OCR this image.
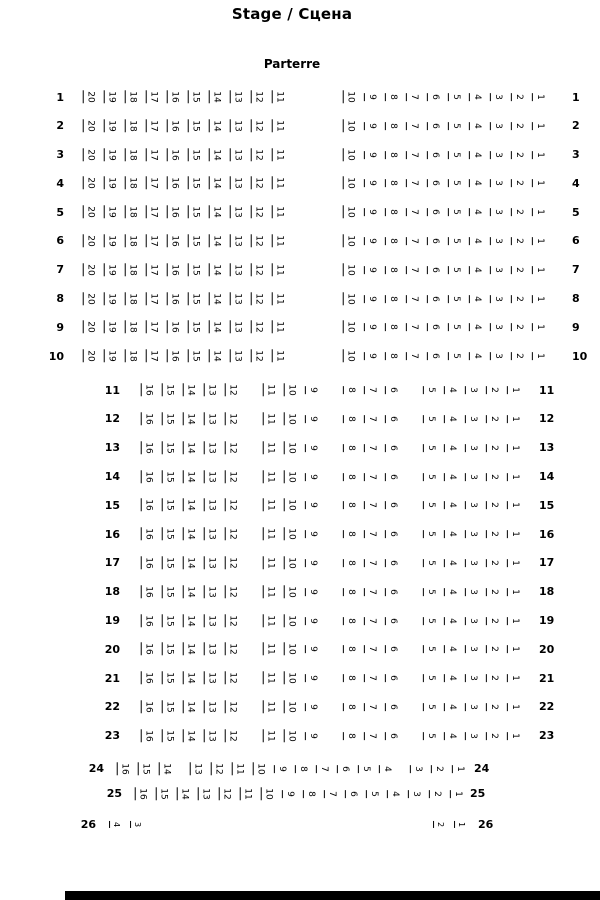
Stage / Сцена
Parterre
1	20	19	18	17	16	15	14	13	12	11	10	9	8	7	6	5	4	3	2	1	1
2	20	19	18	17	16	15	14	13	12	11	10	9	8	7	6	5	4	3	2	1	2
3	20	19	18	17	16	15	14	13	12	11	10	9	8	7	6	5	4	3	2	1	3
4	20	19	18	17	16	15	14	13	12	11	10	9	8	7	6	5	4	3	2	1	4
5	20	19	18	17	16	15	14	13	12	11	10	9	8	7	6	5	4	3	2	1	5
6	20	19	18	17	16	15	14	13	12	11	10	9	8	7	6	5	4	3	2	1	6
7	20	19	18	17	16	15	14	13	12	11	10	9	8	7	6	5	4	3	2	1	7
8	20	19	18	17	16	15	14	13	12	11	10	9	8	7	6	5	4	3	2	1	8
9	20	19	18	17	16	15	14	13	12	11	10	9	8	7	6	5	4	3	2	1	9
10	20	19	18	17	16	15	14	13	12	11	10	9	8	7	6	5	4	3	2	1	10
11	16	15	14	13	12	11	10	9	8	7	6	5	4	3	2	1 11
12	16	15	14	13	12	11	10	9	8	7	6	5	4	3	2	1 12
13	16	15	14	13	12	11	10	9	8	7	6	5	4	3	2	1 13
14	16	15	14	13	12	11	10	9	8	7	6	5	4	3	2	1 14
15	16	15	14	13	12	11	10	9	8	7	6	5	4	3	2	1 15
16	16	15	14	13	12	11	10	9	8	7	6	5	4	3	2	1 16
17	16	15	14	13	12	11	10	9	8	7	6	5	4	3	2	1 17
18	16	15	14	13	12	11	10	9	8	7	6	5	4	3	2	1 18
19	16	15	14	13	12	11	10	9	8	7	6	5	4	3	2	1 19
20	16	15	14	13	12	11	10	9	8	7	6	5	4	3	2	1 20
21	16	15	14	13	12	11	10	9	8	7	6	5	4	3	2	1 21
22	16	15	14	13	12	11	10	9	8	7	6	5	4	3	2	1 22
23	16	15	14	13	12	11	10	9	8	7	6	5	4	3	2	1 23
24	16	15	14	13	12	11	10	9	8	7	6	5	4	3	2	1 24
25	16	15	14	13	12	11	10	9	8	7	6	5	4	3	2	1 25
26	4	3	2	1 26
